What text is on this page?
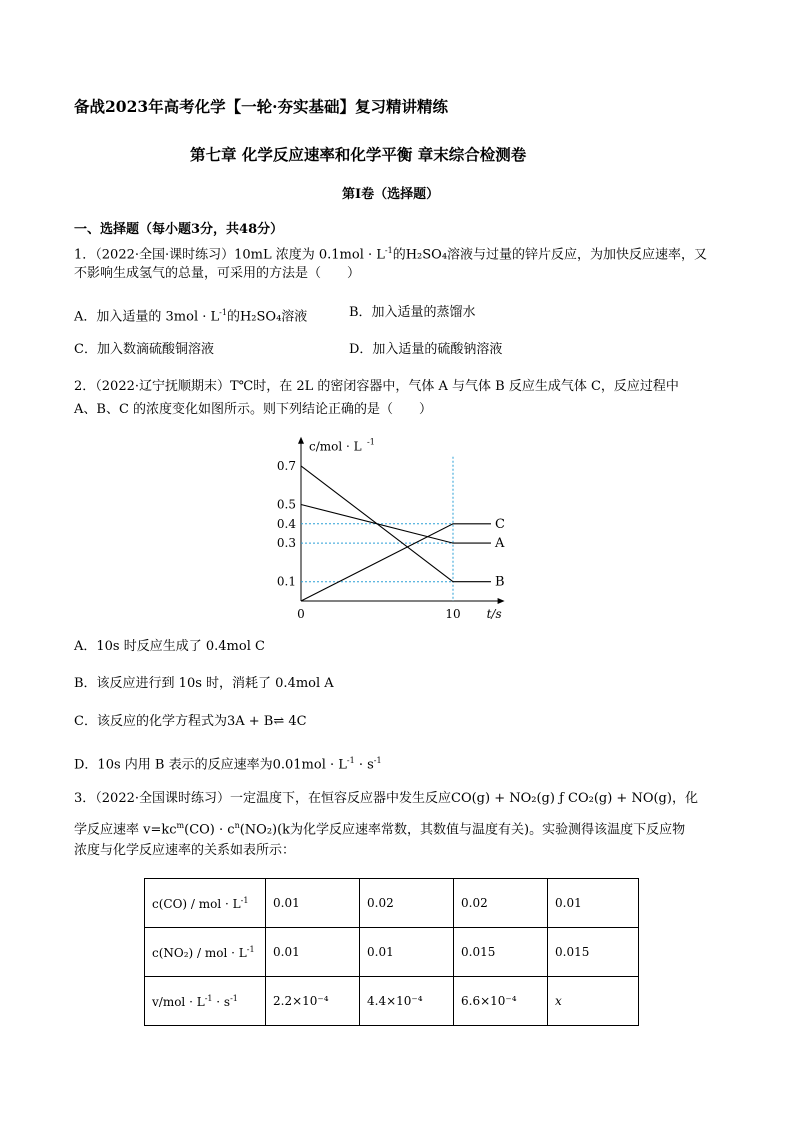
备战2023年高考化学【一轮·夯实基础】复习精讲精练
第七章 化学反应速率和化学平衡 章末综合检测卷
第I卷（选择题）
一、选择题（每小题3分，共48分）
1．（2022·全国·课时练习）10mL 浓度为 $0.1mol \cdot L^{-1}$的H₂SO₄溶液与过量的锌片反应，为加快反应速率，又
不影响生成氢气的总量，可采用的方法是（　　）
A．加入适量的 $3mol \cdot L^{-1}$的H₂SO₄溶液	B．加入适量的蒸馏水
C．加入数滴硫酸铜溶液	D．加入适量的硫酸钠溶液
2．（2022·辽宁抚顺期末）T℃时，在 2L 的密闭容器中，气体 A 与气体 B 反应生成气体 C，反应过程中
A、B、C 的浓度变化如图所示。则下列结论正确的是（　　）
A
B
C
0.7
0.5
0.4
0.3
0.1
0	10 t/s
c/mol · L -1
A．10s 时反应生成了 0.4mol C
B．该反应进行到 10s 时，消耗了 0.4mol A
C．该反应的化学方程式为3A + B⇌ 4C
D．10s 内用 B 表示的反应速率为$0.01mol \cdot L^{-1} \cdot s^{-1}$
3．（2022·全国课时练习）一定温度下，在恒容反应器中发生反应CO(g) + NO₂(g) ƒ CO₂(g) + NO(g)，化
学反应速率 $v=kc^m(CO) \cdot c^n(NO_2)(k$为化学反应速率常数，其数值与温度有关)。实验测得该温度下反应物
浓度与化学反应速率的关系如表所示：
c(CO) / mol · $L^{-1}$	0.01	0.02	0.02	0.01
c(NO₂) / mol · $L^{-1}$	0.01	0.01	0.015	0.015
$v/mol \cdot L^{-1} \cdot s^{-1}$	2.2×10⁻⁴	4.4×10⁻⁴	6.6×10⁻⁴	x
